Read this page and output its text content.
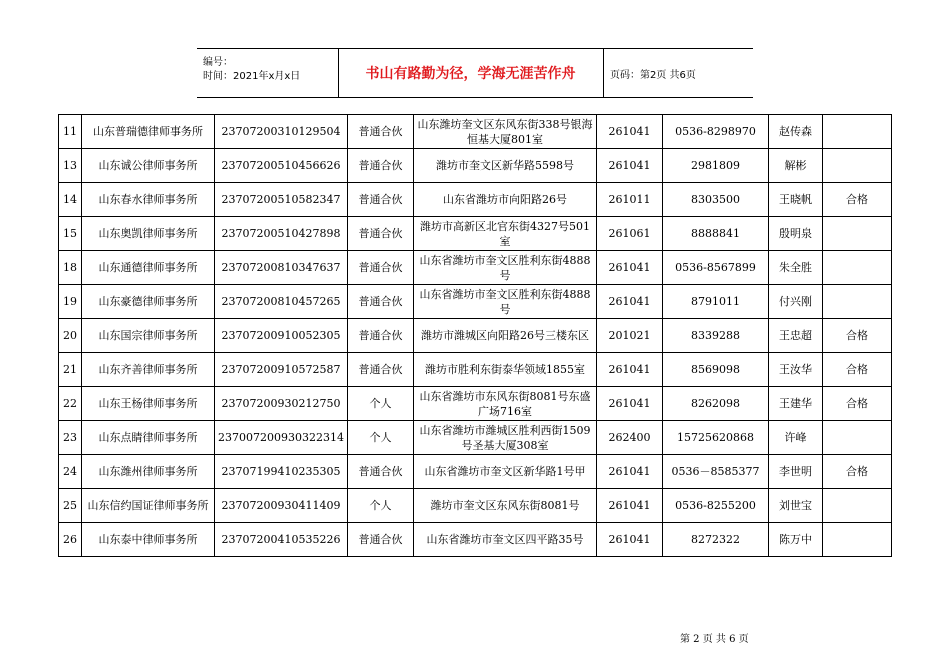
编号：
时间：2021年x月x日	书山有路勤为径，学海无涯苦作舟	页码：第2页 共6页
11	山东普瑞德律师事务所	23707200310129504	普通合伙	山东潍坊奎文区东风东街338号银海恒基大厦801室	261041	0536-8298970	赵传森	
13	山东诚公律师事务所	23707200510456626	普通合伙	潍坊市奎文区新华路5598号	261041	2981809	解彬	
14	山东春水律师事务所	23707200510582347	普通合伙	山东省潍坊市向阳路26号	261011	8303500	王晓帆	合格
15	山东奥凯律师事务所	23707200510427898	普通合伙	潍坊市高新区北官东街4327号501室	261061	8888841	殷明泉	
18	山东通德律师事务所	23707200810347637	普通合伙	山东省潍坊市奎文区胜利东街4888号	261041	0536-8567899	朱全胜	
19	山东豪德律师事务所	23707200810457265	普通合伙	山东省潍坊市奎文区胜利东街4888号	261041	8791011	付兴刚	
20	山东国宗律师事务所	23707200910052305	普通合伙	潍坊市潍城区向阳路26号三楼东区	201021	8339288	王忠超	合格
21	山东齐善律师事务所	23707200910572587	普通合伙	潍坊市胜利东街泰华领域1855室	261041	8569098	王汝华	合格
22	山东王杨律师事务所	23707200930212750	个人	山东省潍坊市东风东街8081号东盛广场716室	261041	8262098	王建华	合格
23	山东点睛律师事务所	237007200930322314	个人	山东省潍坊市潍城区胜利西街1509号圣基大厦308室	262400	15725620868	许峰	
24	山东潍州律师事务所	23707199410235305	普通合伙	山东省潍坊市奎文区新华路1号甲	261041	0536－8585377	李世明	合格
25	山东信约国证律师事务所	23707200930411409	个人	潍坊市奎文区东风东街8081号	261041	0536-8255200	刘世宝	
26	山东泰中律师事务所	23707200410535226	普通合伙	山东省潍坊市奎文区四平路35号	261041	8272322	陈万中	
第 2 页 共 6 页
